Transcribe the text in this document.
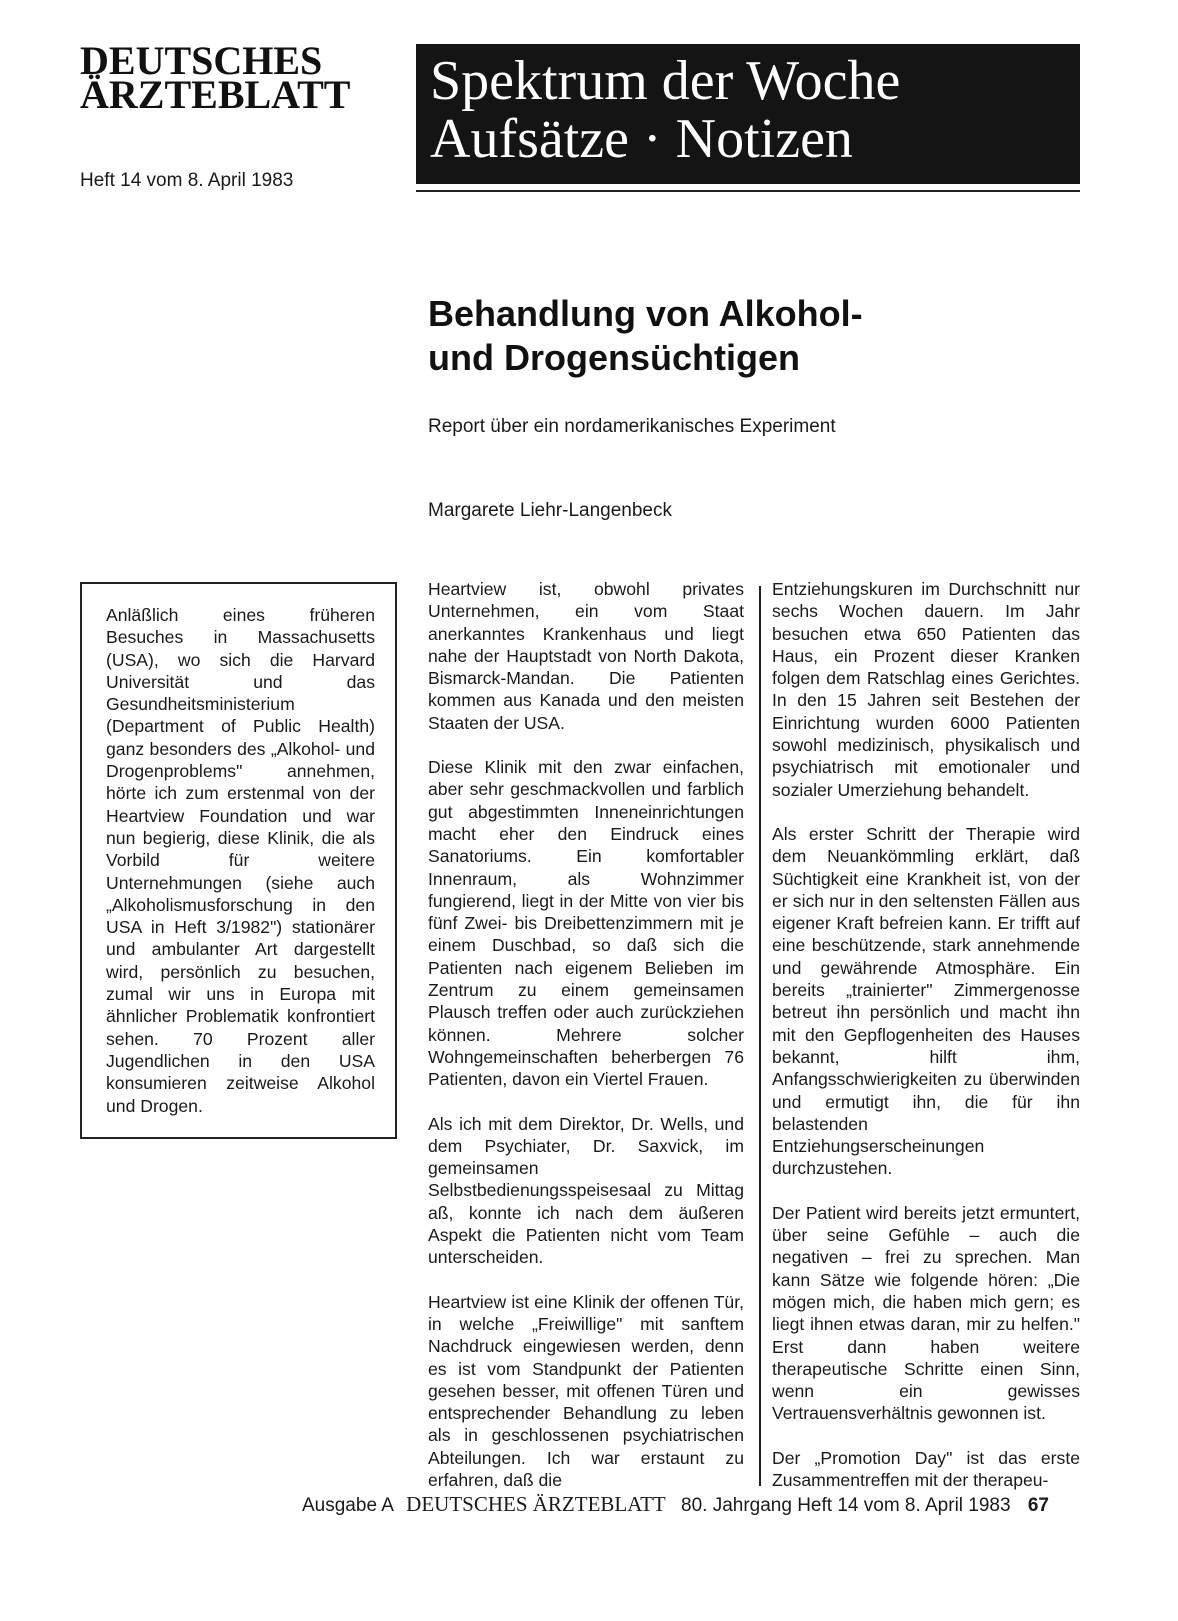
DEUTSCHES
ÄRZTEBLATT
Heft 14 vom 8. April 1983
Spektrum der Woche
Aufsätze · Notizen
Behandlung von Alkohol-
und Drogensüchtigen
Report über ein nordamerikanisches Experiment
Margarete Liehr-Langenbeck
Anläßlich eines früheren Besuches in Massachusetts (USA), wo sich die Harvard Universität und das Gesundheitsministerium (Department of Public Health) ganz besonders des „Alkohol- und Drogenproblems" annehmen, hörte ich zum erstenmal von der Heartview Foundation und war nun begierig, diese Klinik, die als Vorbild für weitere Unternehmungen (siehe auch „Alkoholismusforschung in den USA in Heft 3/1982") stationärer und ambulanter Art dargestellt wird, persönlich zu besuchen, zumal wir uns in Europa mit ähnlicher Problematik konfrontiert sehen. 70 Prozent aller Jugendlichen in den USA konsumieren zeitweise Alkohol und Drogen.

Heartview ist, obwohl privates Unternehmen, ein vom Staat anerkanntes Krankenhaus und liegt nahe der Hauptstadt von North Dakota, Bismarck-Mandan. Die Patienten kommen aus Kanada und den meisten Staaten der USA.

Diese Klinik mit den zwar einfachen, aber sehr geschmackvollen und farblich gut abgestimmten Inneneinrichtungen macht eher den Eindruck eines Sanatoriums. Ein komfortabler Innenraum, als Wohnzimmer fungierend, liegt in der Mitte von vier bis fünf Zwei- bis Dreibettenzimmern mit je einem Duschbad, so daß sich die Patienten nach eigenem Belieben im Zentrum zu einem gemeinsamen Plausch treffen oder auch zurückziehen können. Mehrere solcher Wohngemeinschaften beherbergen 76 Patienten, davon ein Viertel Frauen.

Als ich mit dem Direktor, Dr. Wells, und dem Psychiater, Dr. Saxvick, im gemeinsamen Selbstbedienungsspeisesaal zu Mittag aß, konnte ich nach dem äußeren Aspekt die Patienten nicht vom Team unterscheiden.

Heartview ist eine Klinik der offenen Tür, in welche „Freiwillige" mit sanftem Nachdruck eingewiesen werden, denn es ist vom Standpunkt der Patienten gesehen besser, mit offenen Türen und entsprechender Behandlung zu leben als in geschlossenen psychiatrischen Abteilungen. Ich war erstaunt zu erfahren, daß die

Entziehungskuren im Durchschnitt nur sechs Wochen dauern. Im Jahr besuchen etwa 650 Patienten das Haus, ein Prozent dieser Kranken folgen dem Ratschlag eines Gerichtes. In den 15 Jahren seit Bestehen der Einrichtung wurden 6000 Patienten sowohl medizinisch, physikalisch und psychiatrisch mit emotionaler und sozialer Umerziehung behandelt.

Als erster Schritt der Therapie wird dem Neuankömmling erklärt, daß Süchtigkeit eine Krankheit ist, von der er sich nur in den seltensten Fällen aus eigener Kraft befreien kann. Er trifft auf eine beschützende, stark annehmende und gewährende Atmosphäre. Ein bereits „trainierter" Zimmergenosse betreut ihn persönlich und macht ihn mit den Gepflogenheiten des Hauses bekannt, hilft ihm, Anfangsschwierigkeiten zu überwinden und ermutigt ihn, die für ihn belastenden Entziehungserscheinungen durchzustehen.

Der Patient wird bereits jetzt ermuntert, über seine Gefühle – auch die negativen – frei zu sprechen. Man kann Sätze wie folgende hören: „Die mögen mich, die haben mich gern; es liegt ihnen etwas daran, mir zu helfen." Erst dann haben weitere therapeutische Schritte einen Sinn, wenn ein gewisses Vertrauensverhältnis gewonnen ist.

Der „Promotion Day" ist das erste Zusammentreffen mit der therapeu-

Ausgabe A DEUTSCHES ÄRZTEBLATT 80. Jahrgang Heft 14 vom 8. April 1983 67
